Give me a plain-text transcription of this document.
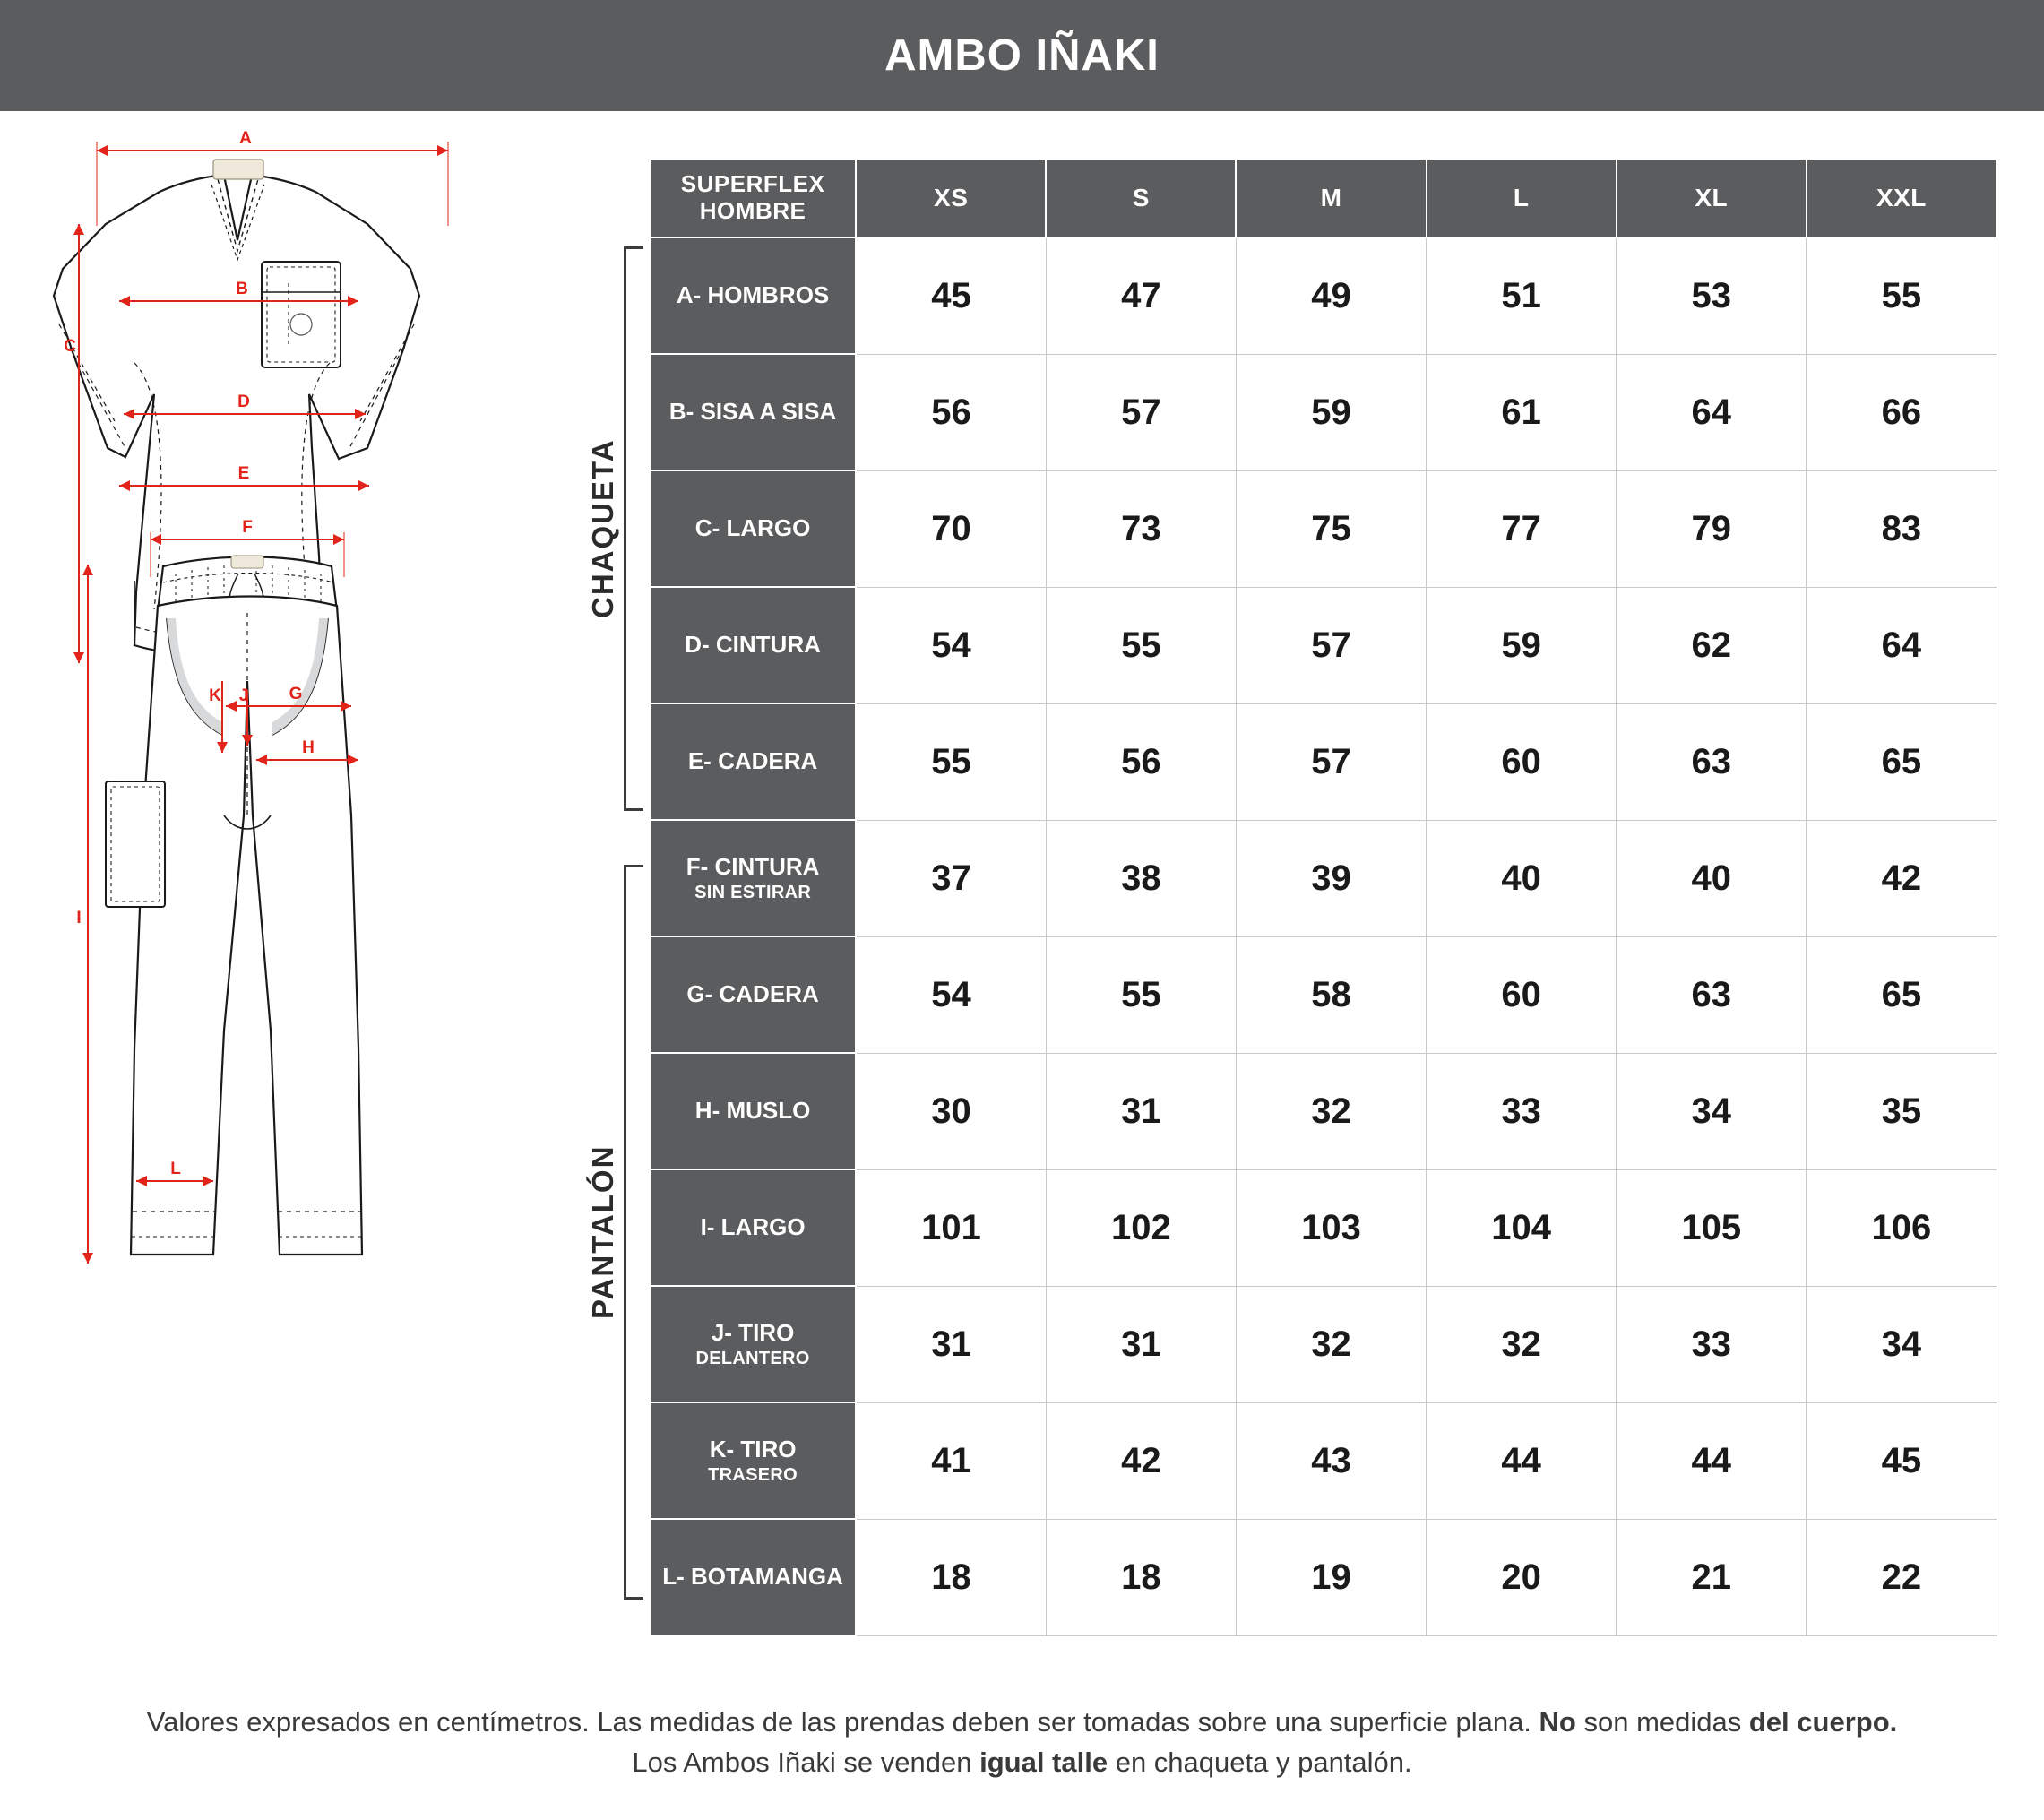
AMBO IÑAKI
A
B
C
D
E
F
G
H
I
J
K
L
CHAQUETA
PANTALÓN
SUPERFLEX
HOMBRE	XS	S	M	L	XL	XXL
A- HOMBROS	45	47	49	51	53	55
B- SISA A SISA	56	57	59	61	64	66
C- LARGO	70	73	75	77	79	83
D- CINTURA	54	55	57	59	62	64
E- CADERA	55	56	57	60	63	65
F- CINTURA
SIN ESTIRAR	37	38	39	40	40	42
G- CADERA	54	55	58	60	63	65
H- MUSLO	30	31	32	33	34	35
I- LARGO	101	102	103	104	105	106
J- TIRO
DELANTERO	31	31	32	32	33	34
K- TIRO
TRASERO	41	42	43	44	44	45
L- BOTAMANGA	18	18	19	20	21	22
Valores expresados en centímetros. Las medidas de las prendas deben ser tomadas sobre una superficie plana. No son medidas del cuerpo.
Los Ambos Iñaki se venden igual talle en chaqueta y pantalón.
